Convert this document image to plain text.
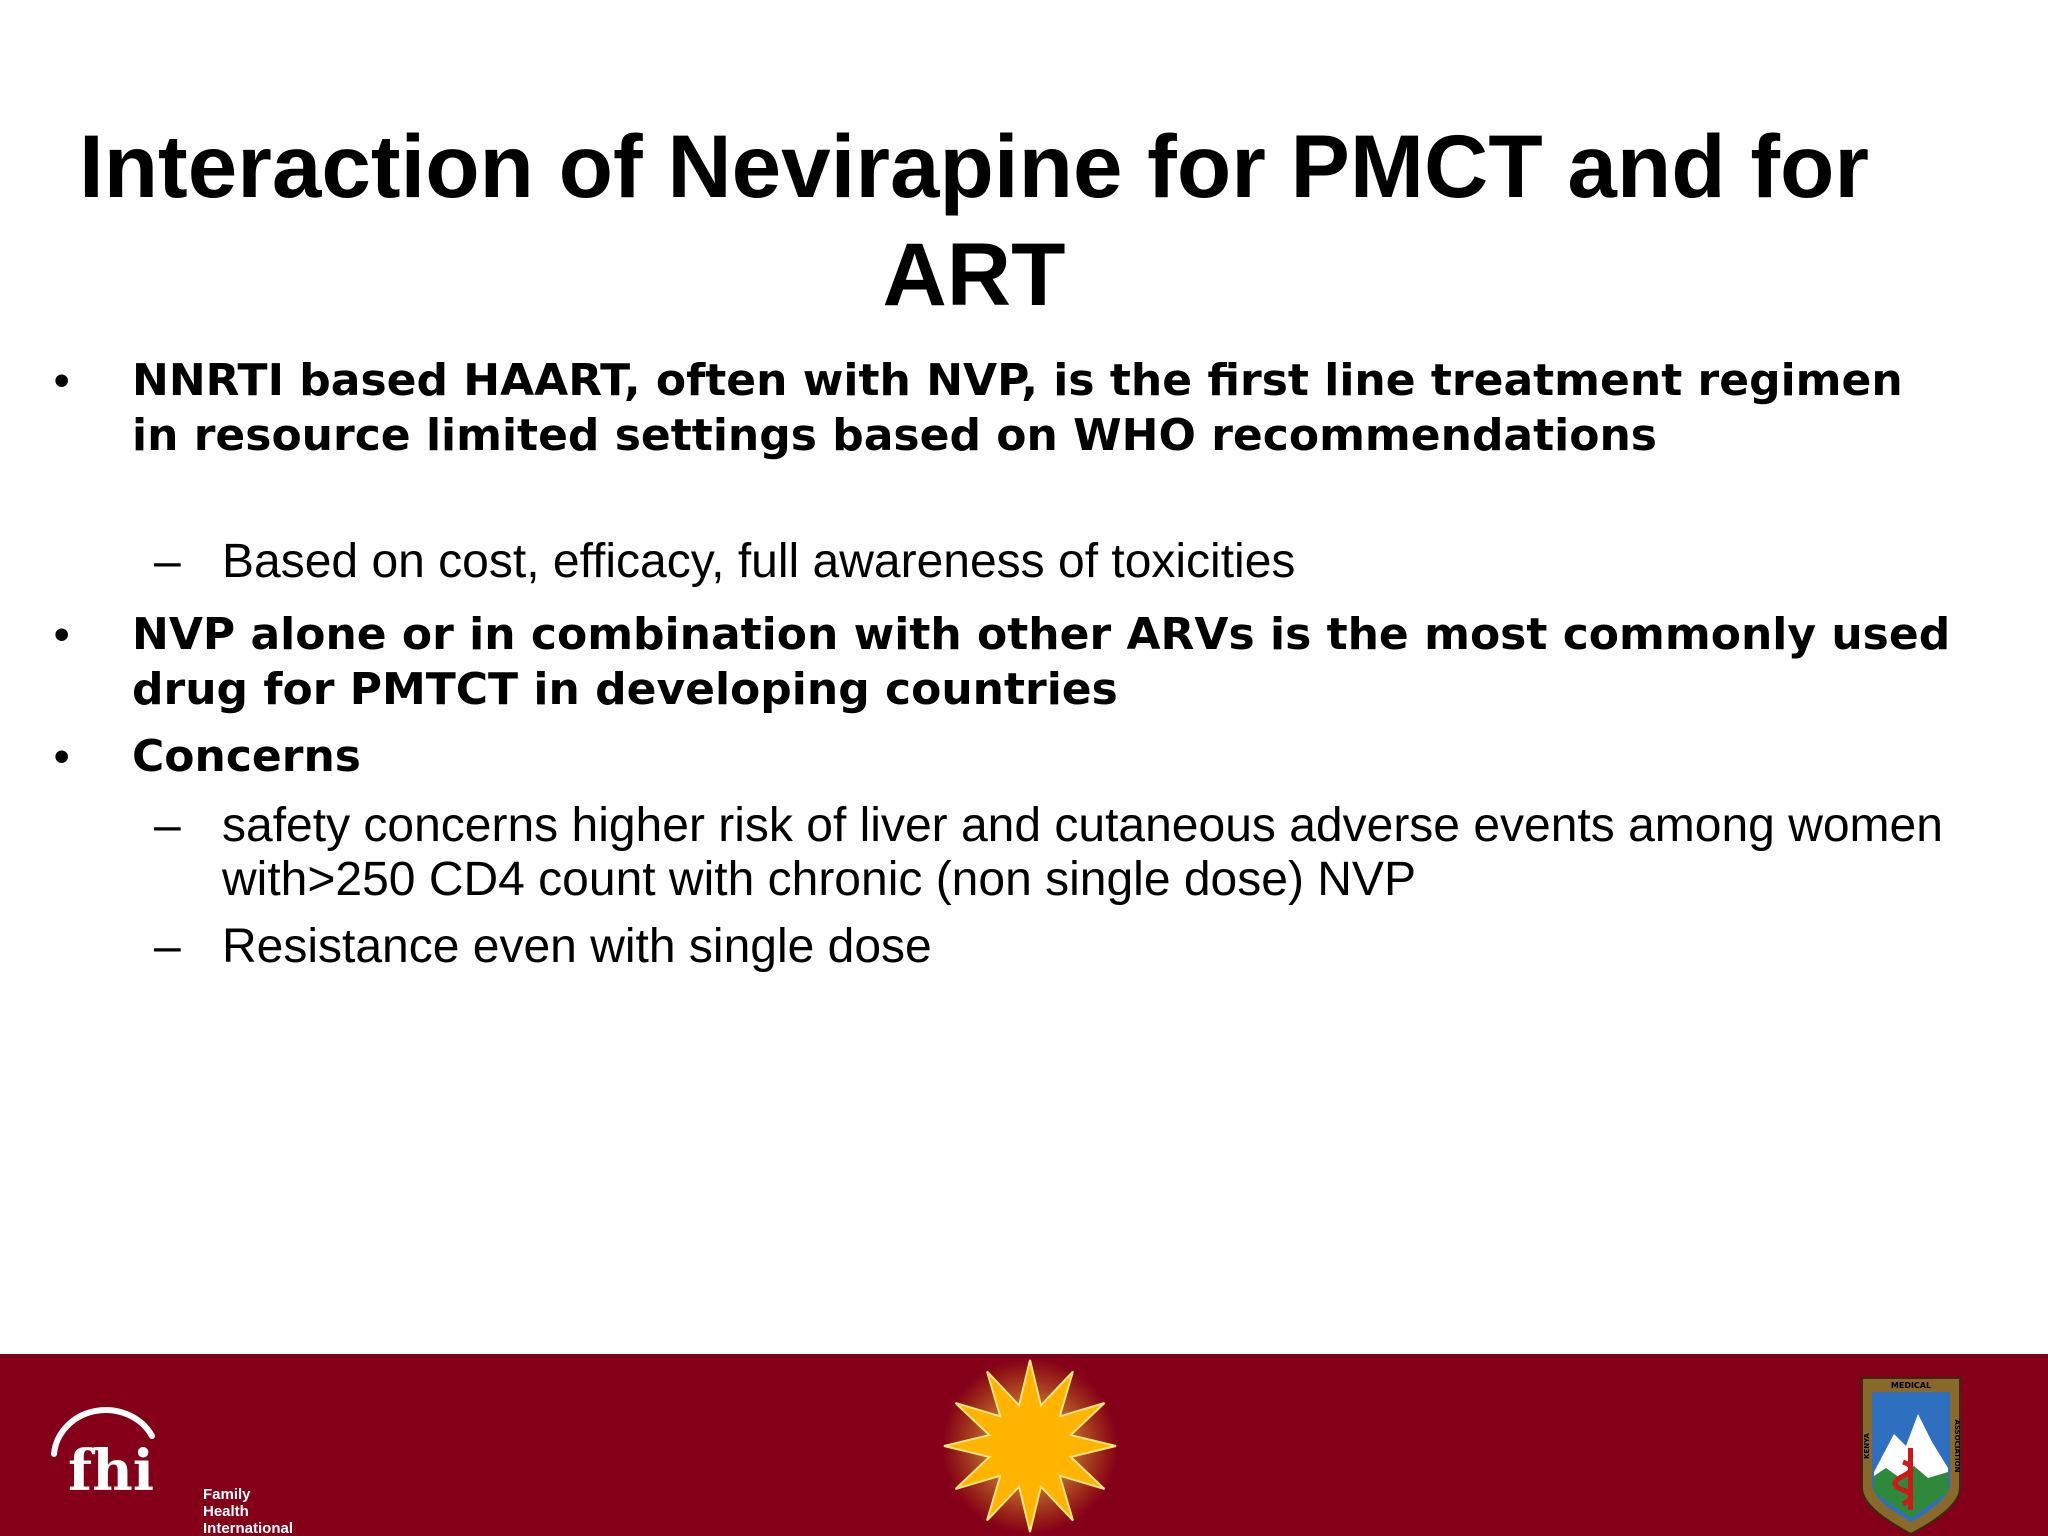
Interaction of Nevirapine for PMCT and for ART

• NNRTI based HAART, often with NVP, is the first line treatment regimen in resource limited settings based on WHO recommendations

– Based on cost, efficacy, full awareness of toxicities

• NVP alone or in combination with other ARVs is the most commonly used drug for PMTCT in developing countries

• Concerns

– safety concerns higher risk of liver and cutaneous adverse events among women with>250 CD4 count with chronic (non single dose) NVP

– Resistance even with single dose

fhi	Family Health
International
MEDICAL
KENYA	ASSOCIATION
